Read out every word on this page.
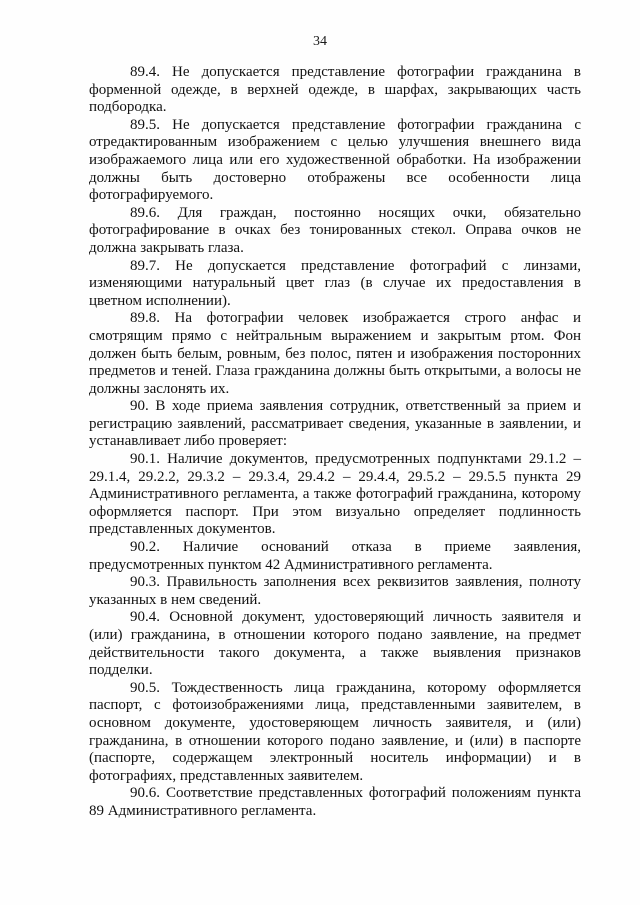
34

89.4. Не допускается представление фотографии гражданина в форменной одежде, в верхней одежде, в шарфах, закрывающих часть подбородка.

89.5. Не допускается представление фотографии гражданина с отредактированным изображением с целью улучшения внешнего вида изображаемого лица или его художественной обработки. На изображении должны быть достоверно отображены все особенности лица фотографируемого.

89.6. Для граждан, постоянно носящих очки, обязательно фотографирование в очках без тонированных стекол. Оправа очков не должна закрывать глаза.

89.7. Не допускается представление фотографий с линзами, изменяющими натуральный цвет глаз (в случае их предоставления в цветном исполнении).

89.8. На фотографии человек изображается строго анфас и смотрящим прямо с нейтральным выражением и закрытым ртом. Фон должен быть белым, ровным, без полос, пятен и изображения посторонних предметов и теней. Глаза гражданина должны быть открытыми, а волосы не должны заслонять их.

90. В ходе приема заявления сотрудник, ответственный за прием и регистрацию заявлений, рассматривает сведения, указанные в заявлении, и устанавливает либо проверяет:

90.1. Наличие документов, предусмотренных подпунктами 29.1.2 – 29.1.4, 29.2.2, 29.3.2 – 29.3.4, 29.4.2 – 29.4.4, 29.5.2 – 29.5.5 пункта 29 Административного регламента, а также фотографий гражданина, которому оформляется паспорт. При этом визуально определяет подлинность представленных документов.

90.2. Наличие оснований отказа в приеме заявления, предусмотренных пунктом 42 Административного регламента.

90.3. Правильность заполнения всех реквизитов заявления, полноту указанных в нем сведений.

90.4. Основной документ, удостоверяющий личность заявителя и (или) гражданина, в отношении которого подано заявление, на предмет действительности такого документа, а также выявления признаков подделки.

90.5. Тождественность лица гражданина, которому оформляется паспорт, с фотоизображениями лица, представленными заявителем, в основном документе, удостоверяющем личность заявителя, и (или) гражданина, в отношении которого подано заявление, и (или) в паспорте (паспорте, содержащем электронный носитель информации) и в фотографиях, представленных заявителем.

90.6. Соответствие представленных фотографий положениям пункта 89 Административного регламента.
